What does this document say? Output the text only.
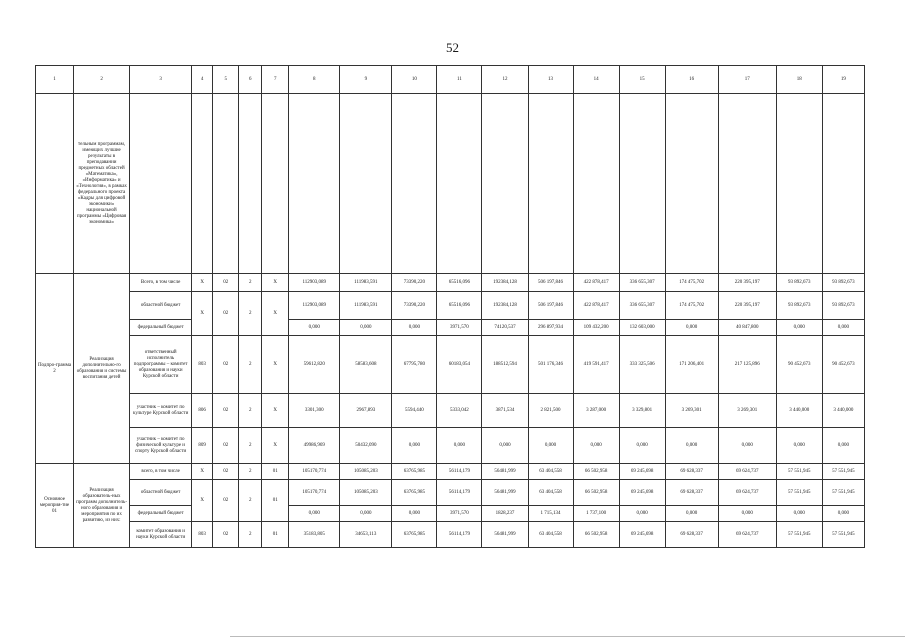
52
1	2	3	4	5	6	7	8	9	10	11	12	13	14	15	16	17	18	19
	тельным программам, имеющих лучшие результаты в преподавании предметных областей «Математика», «Информатика» и «Технология», в рамках федерального проекта «Кадры для цифровой экономики» национальной программы «Цифровая экономика»																	
Подпро-грамма 2	Реализация дополнительно-го образования и системы воспитания детей	Всего, в том числе	X	02	2	X	112903,089	111983,591	73390,220	65516,096	192384,128	506 197,846	422 878,417	336 655,307	174 475,702	220 395,197	93 892,673	93 892,673
		областной бюджет	X	02	2	X	112903,089	111983,591	73390,220	65516,096	192384,128	506 197,846	422 878,417	336 655,307	174 475,702	220 395,197	93 892,673	93 892,673
		федеральный бюджет					0,000	0,000	0,000	3971,570	74120,537	296 897,934	109 432,200	132 603,000	0,000	40 847,800	0,000	0,000
		ответственный исполнитель подпрограммы – комитет образования и науки Курской области	803	02	2	X	59612,820	58583,608	67795,780	60183,054	188512,594	501 176,346	419 591,417	333 325,506	171 206,401	217 125,896	90 452,673	90 452,673
		участник – комитет по культуре Курской области	806	02	2	X	3301,300	2967,893	5594,440	5333,042	3871,534	2 821,500	3 287,000	3 329,801	3 269,301	3 269,301	3 440,000	3 440,000
		участник – комитет по физической культуре и спорту Курской области	809	02	2	X	49986,969	50432,090	0,000	0,000	0,000	0,000	0,000	0,000	0,000	0,000	0,000	0,000
Основное мероприя-тие 01	Реализация образователь-ных программ дополнитель-ного образования и мероприятия по их развитию, из них:	всего, в том числе	X	02	2	01	105170,774	105085,203	63765,985	56114,179	56481,999	63 404,558	66 502,958	69 245,698	69 628,337	69 624,737	57 551,945	57 551,945
		областной бюджет	X	02	2	01	105170,774	105085,203	63765,985	56114,179	56481,999	63 404,558	66 502,958	69 245,698	69 628,337	69 624,737	57 551,945	57 551,945
		федеральный бюджет					0,000	0,000	0,000	3971,570	1828,237	1 715,134	1 737,100	0,000	0,000	0,000	0,000	0,000
		комитет образования и науки Курской области	803	02	2	01	35183,805	34653,113	63765,985	56114,179	56481,999	63 404,558	66 502,958	69 245,698	69 628,337	69 624,737	57 551,945	57 551,945
